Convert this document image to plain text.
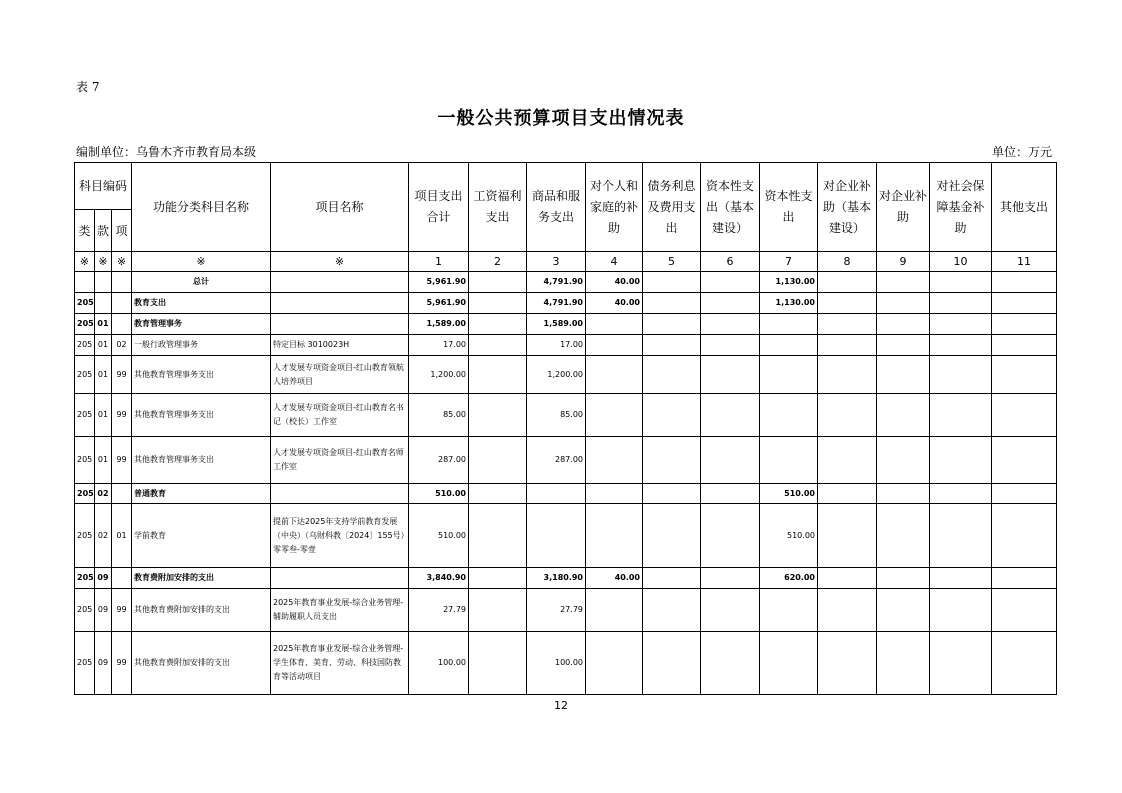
表 7
一般公共预算项目支出情况表
编制单位：乌鲁木齐市教育局本级	单位：万元
科目编码			功能分类科目名称	项目名称	项目支出合计	工资福利支出	商品和服务支出	对个人和家庭的补助	债务利息及费用支出	资本性支出（基本建设）	资本性支出	对企业补助（基本建设）	对企业补助	对社会保障基金补助	其他支出
类	款	项													
※	※	※	※	※	1	2	3	4	5	6	7	8	9	10	11
			总计		5,961.90		4,791.90	40.00			1,130.00				
205			教育支出		5,961.90		4,791.90	40.00			1,130.00				
205	01		教育管理事务		1,589.00		1,589.00								
205	01	02	一般行政管理事务	特定目标 3010023H	17.00		17.00								
205	01	99	其他教育管理事务支出	人才发展专项资金项目-红山教育领航人培养项目	1,200.00		1,200.00								
205	01	99	其他教育管理事务支出	人才发展专项资金项目-红山教育名书记（校长）工作室	85.00		85.00								
205	01	99	其他教育管理事务支出	人才发展专项资金项目-红山教育名师工作室	287.00		287.00								
205	02		普通教育		510.00						510.00				
205	02	01	学前教育	提前下达2025年支持学前教育发展（中央）（乌财科教〔2024〕155号）零零叁-零壹	510.00						510.00				
205	09		教育费附加安排的支出		3,840.90		3,180.90	40.00			620.00				
205	09	99	其他教育费附加安排的支出	2025年教育事业发展-综合业务管理-辅助履职人员支出	27.79		27.79								
205	09	99	其他教育费附加安排的支出	2025年教育事业发展-综合业务管理-学生体育、美育、劳动、科技国防教育等活动项目	100.00		100.00								
12
